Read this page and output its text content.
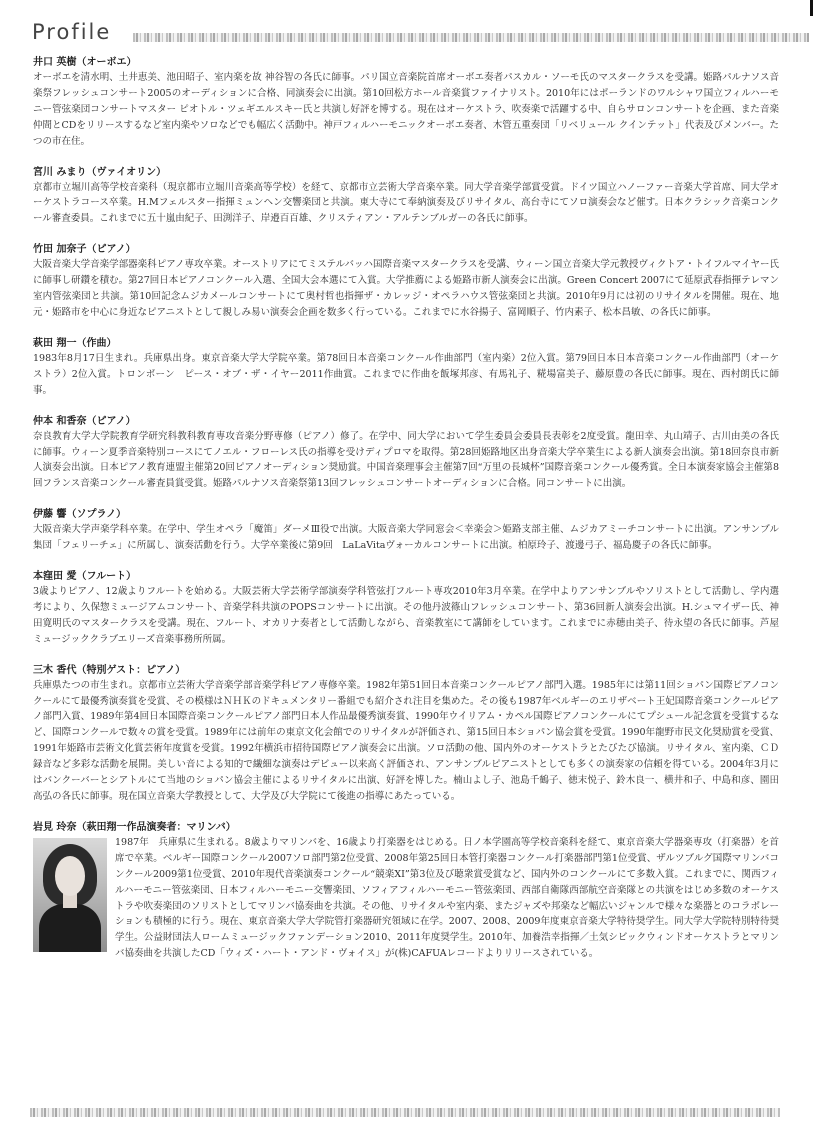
Profile

井口 英樹（オーボエ）

オーボエを清水明、土井恵美、池田昭子、室内楽を故 神谷智の各氏に師事。パリ国立音楽院首席オーボエ奏者パスカル・ソーモ氏のマスタークラスを受講。姫路パルナソス音楽祭フレッシュコンサート2005のオーディションに合格、同演奏会に出演。第10回松方ホール音楽賞ファイナリスト。2010年にはポーランドのワルシャワ国立フィルハーモニー管弦楽団コンサートマスター ピオトル・ツェギエルスキー氏と共演し好評を博する。現在はオーケストラ、吹奏楽で活躍する中、自らサロンコンサートを企画、また音楽仲間とCDをリリースするなど室内楽やソロなどでも幅広く活動中。神戸フィルハーモニックオーボエ奏者、木管五重奏団「リベリュール クインテット」代表及びメンバー。たつの市在住。

宮川 みまり（ヴァイオリン）

京都市立堀川高等学校音楽科（現京都市立堀川音楽高等学校）を経て、京都市立芸術大学音楽卒業。同大学音楽学部賞受賞。ドイツ国立ハノーファー音楽大学首席、同大学オーケストラコース卒業。H.Mフェルスター指揮ミュンヘン交響楽団と共演。東大寺にて奉納演奏及びリサイタル、高台寺にてソロ演奏会など催す。日本クラシック音楽コンクール審査委員。これまでに五十嵐由紀子、田渕洋子、岸邉百百雄、クリスティアン・アルテンブルガーの各氏に師事。

竹田 加奈子（ピアノ）

大阪音楽大学音楽学部器楽科ピアノ専攻卒業。オーストリアにてミステルバッハ国際音楽マスタークラスを受講、ウィーン国立音楽大学元教授ヴィクトア・トイフルマイヤー氏に師事し研鑽を積む。第27回日本ピアノコンクール入選、全国大会本選にて入賞。大学推薦による姫路市新人演奏会に出演。Green Concert 2007にて延原武春指揮テレマン室内管弦楽団と共演。第10回記念ムジカメールコンサートにて奥村哲也指揮ザ・カレッジ・オペラハウス管弦楽団と共演。2010年9月には初のリサイタルを開催。現在、地元・姫路市を中心に身近なピアニストとして親しみ易い演奏会企画を数多く行っている。これまでに水谷揚子、富岡順子、竹内素子、松本昌敏、の各氏に師事。

萩田 翔一（作曲）

1983年8月17日生まれ。兵庫県出身。東京音楽大学大学院卒業。第78回日本音楽コンクール作曲部門（室内楽）2位入賞。第79回日本日本音楽コンクール作曲部門（オーケストラ）2位入賞。トロンボーン　ピース・オブ・ザ・イヤー2011作曲賞。これまでに作曲を飯塚邦彦、有馬礼子、糀場富美子、藤原豊の各氏に師事。現在、西村朗氏に師事。

仲本 和香奈（ピアノ）

奈良教育大学大学院教育学研究科教科教育専攻音楽分野専修（ピアノ）修了。在学中、同大学において学生委員会委員長表彰を2度受賞。龍田幸、丸山靖子、古川由美の各氏に師事。ウィーン夏季音楽特別コースにてノエル・フローレス氏の指導を受けディプロマを取得。第28回姫路地区出身音楽大学卒業生による新人演奏会出演。第18回奈良市新人演奏会出演。日本ピアノ教育連盟主催第20回ピアノオーディション奨励賞。中国音楽理事会主催第7回“万里の長城杯”国際音楽コンクール優秀賞。全日本演奏家協会主催第8回フランス音楽コンクール審査員賞受賞。姫路パルナソス音楽祭第13回フレッシュコンサートオーディションに合格。同コンサートに出演。

伊藤 響（ソプラノ）

大阪音楽大学声楽学科卒業。在学中、学生オペラ「魔笛」ダーメⅢ役で出演。大阪音楽大学同窓会＜幸楽会＞姫路支部主催、ムジカアミーチコンサートに出演。アンサンブル集団「フェリーチェ」に所属し、演奏活動を行う。大学卒業後に第9回　LaLaVitaヴォーカルコンサートに出演。柏原玲子、渡邊弓子、福島慶子の各氏に師事。

本窪田 愛（フルート）

3歳よりピアノ、12歳よりフルートを始める。大阪芸術大学芸術学部演奏学科管弦打フルート専攻2010年3月卒業。在学中よりアンサンブルやソリストとして活動し、学内選考により、久保惣ミュージアムコンサート、音楽学科共演のPOPSコンサートに出演。その他丹波篠山フレッシュコンサート、第36回新人演奏会出演。H.シュマイザー氏、神田寛明氏のマスタークラスを受講。現在、フルート、オカリナ奏者として活動しながら、音楽教室にて講師をしています。これまでに赤穂由美子、待永望の各氏に師事。芦屋ミュージッククラブエリーズ音楽事務所所属。

三木 香代（特別ゲスト：ピアノ）

兵庫県たつの市生まれ。京都市立芸術大学音楽学部音楽学科ピアノ専修卒業。1982年第51回日本音楽コンクールピアノ部門入選。1985年には第11回ショパン国際ピアノコンクールにて最優秀演奏賞を受賞、その模様はＮＨＫのドキュメンタリー番組でも紹介され注目を集めた。その後も1987年ベルギーのエリザベート王妃国際音楽コンクールピアノ部門入賞、1989年第4回日本国際音楽コンクールピアノ部門日本人作品最優秀演奏賞、1990年ウイリアム・カペル国際ピアノコンクールにてプシュール記念賞を受賞するなど、国際コンクールで数々の賞を受賞。1989年には前年の東京文化会館でのリサイタルが評価され、第15回日本ショパン協会賞を受賞。1990年龍野市民文化奨励賞を受賞、1991年姫路市芸術文化賞芸術年度賞を受賞。1992年横浜市招待国際ピアノ演奏会に出演。ソロ活動の他、国内外のオーケストラとたびたび協演。リサイタル、室内楽、ＣＤ録音など多彩な活動を展開。美しい音による知的で繊細な演奏はデビュー以来高く評価され、アンサンブルピアニストとしても多くの演奏家の信頼を得ている。2004年3月にはバンクーバーとシアトルにて当地のショパン協会主催によるリサイタルに出演、好評を博した。楠山よし子、池島千鶴子、徳末悦子、鈴木良一、横井和子、中島和彦、園田高弘の各氏に師事。現在国立音楽大学教授として、大学及び大学院にて後進の指導にあたっている。

岩見 玲奈（萩田翔一作品演奏者：マリンバ）

1987年　兵庫県に生まれる。8歳よりマリンバを、16歳より打楽器をはじめる。日ノ本学園高等学校音楽科を経て、東京音楽大学器楽専攻（打楽器）を首席で卒業。ベルギー国際コンクール2007ソロ部門第2位受賞、2008年第25回日本管打楽器コンクール打楽器部門第1位受賞、ザルツブルグ国際マリンバコンクール2009第1位受賞、2010年現代音楽演奏コンクール“競楽XI”第3位及び聴衆賞受賞など、国内外のコンクールにて多数入賞。これまでに、関西フィルハーモニー管弦楽団、日本フィルハーモニー交響楽団、ソフィアフィルハーモニー管弦楽団、西部自衛隊西部航空音楽隊との共演をはじめ多数のオーケストラや吹奏楽団のソリストとしてマリンバ協奏曲を共演。その他、リサイタルや室内楽、またジャズや邦楽など幅広いジャンルで様々な楽器とのコラボレーションも積極的に行う。現在、東京音楽大学大学院管打楽器研究領域に在学。2007、2008、2009年度東京音楽大学特待奨学生。同大学大学院特別特待奨学生。公益財団法人ロームミュージックファンデーション2010、2011年度奨学生。2010年、加養浩幸指揮／土気シビックウィンドオーケストラとマリンバ協奏曲を共演したCD「ウィズ・ハート・アンド・ヴォイス」が(株)CAFUAレコードよりリリースされている。
